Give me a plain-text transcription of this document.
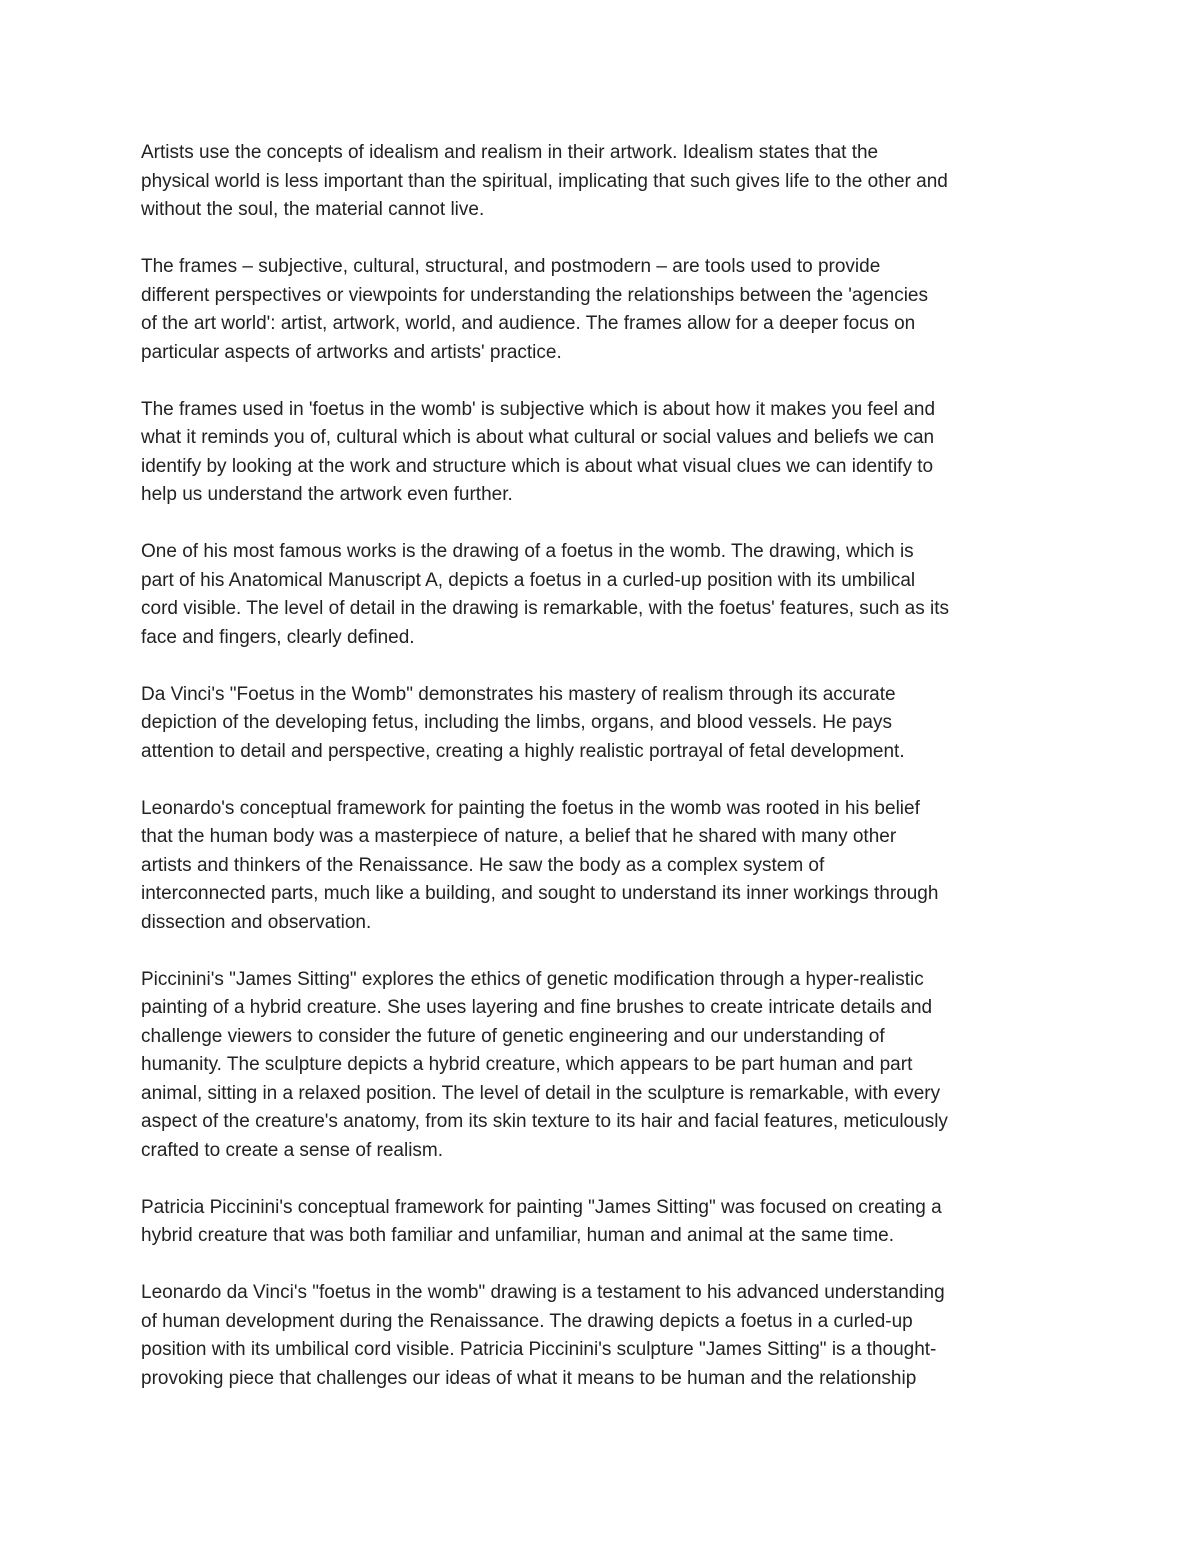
Artists use the concepts of idealism and realism in their artwork. Idealism states that the
physical world is less important than the spiritual, implicating that such gives life to the other and
without the soul, the material cannot live.

The frames – subjective, cultural, structural, and postmodern – are tools used to provide
different perspectives or viewpoints for understanding the relationships between the 'agencies
of the art world': artist, artwork, world, and audience. The frames allow for a deeper focus on
particular aspects of artworks and artists' practice.

The frames used in 'foetus in the womb' is subjective which is about how it makes you feel and
what it reminds you of, cultural which is about what cultural or social values and beliefs we can
identify by looking at the work and structure which is about what visual clues we can identify to
help us understand the artwork even further.

One of his most famous works is the drawing of a foetus in the womb. The drawing, which is
part of his Anatomical Manuscript A, depicts a foetus in a curled-up position with its umbilical
cord visible. The level of detail in the drawing is remarkable, with the foetus' features, such as its
face and fingers, clearly defined.

Da Vinci's "Foetus in the Womb" demonstrates his mastery of realism through its accurate
depiction of the developing fetus, including the limbs, organs, and blood vessels. He pays
attention to detail and perspective, creating a highly realistic portrayal of fetal development.

Leonardo's conceptual framework for painting the foetus in the womb was rooted in his belief
that the human body was a masterpiece of nature, a belief that he shared with many other
artists and thinkers of the Renaissance. He saw the body as a complex system of
interconnected parts, much like a building, and sought to understand its inner workings through
dissection and observation.

Piccinini's "James Sitting" explores the ethics of genetic modification through a hyper-realistic
painting of a hybrid creature. She uses layering and fine brushes to create intricate details and
challenge viewers to consider the future of genetic engineering and our understanding of
humanity. The sculpture depicts a hybrid creature, which appears to be part human and part
animal, sitting in a relaxed position. The level of detail in the sculpture is remarkable, with every
aspect of the creature's anatomy, from its skin texture to its hair and facial features, meticulously
crafted to create a sense of realism.

Patricia Piccinini's conceptual framework for painting "James Sitting" was focused on creating a
hybrid creature that was both familiar and unfamiliar, human and animal at the same time.

Leonardo da Vinci's "foetus in the womb" drawing is a testament to his advanced understanding
of human development during the Renaissance. The drawing depicts a foetus in a curled-up
position with its umbilical cord visible. Patricia Piccinini's sculpture "James Sitting" is a thought-
provoking piece that challenges our ideas of what it means to be human and the relationship
